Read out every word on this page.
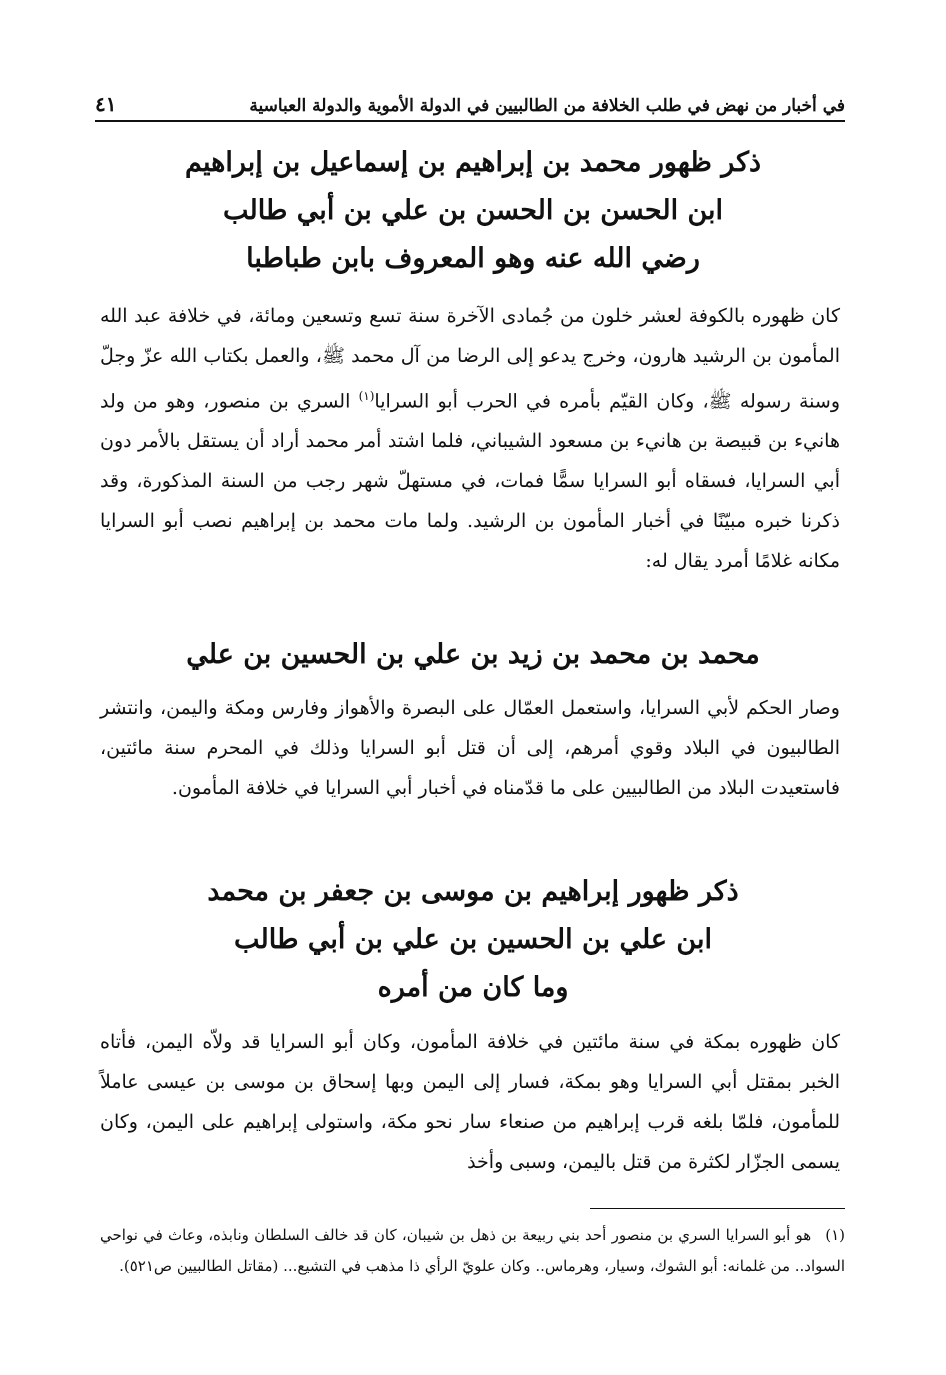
في أخبار من نهض في طلب الخلافة من الطالبيين في الدولة الأموية والدولة العباسية
٤١
ذكر ظهور محمد بن إبراهيم بن إسماعيل بن إبراهيم
ابن الحسن بن الحسن بن علي بن أبي طالب
رضي الله عنه وهو المعروف بابن طباطبا

كان ظهوره بالكوفة لعشر خلون من جُمادى الآخرة سنة تسع وتسعين ومائة، في خلافة عبد الله المأمون بن الرشيد هارون، وخرج يدعو إلى الرضا من آل محمد ﷺ، والعمل بكتاب الله عزّ وجلّ وسنة رسوله ﷺ، وكان القيّم بأمره في الحرب أبو السرايا$^{(١)}$ السري بن منصور، وهو من ولد هانيء بن قبيصة بن هانيء بن مسعود الشيباني، فلما اشتد أمر محمد أراد أن يستقل بالأمر دون أبي السرايا، فسقاه أبو السرايا سمًّا فمات، في مستهلّ شهر رجب من السنة المذكورة، وقد ذكرنا خبره مبيّنًا في أخبار المأمون بن الرشيد. ولما مات محمد بن إبراهيم نصب أبو السرايا مكانه غلامًا أمرد يقال له:

محمد بن محمد بن زيد بن علي بن الحسين بن علي

وصار الحكم لأبي السرايا، واستعمل العمّال على البصرة والأهواز وفارس ومكة واليمن، وانتشر الطالبيون في البلاد وقوي أمرهم، إلى أن قتل أبو السرايا وذلك في المحرم سنة مائتين، فاستعيدت البلاد من الطالبيين على ما قدّمناه في أخبار أبي السرايا في خلافة المأمون.

ذكر ظهور إبراهيم بن موسى بن جعفر بن محمد
ابن علي بن الحسين بن علي بن أبي طالب
وما كان من أمره

كان ظهوره بمكة في سنة مائتين في خلافة المأمون، وكان أبو السرايا قد ولاّه اليمن، فأتاه الخبر بمقتل أبي السرايا وهو بمكة، فسار إلى اليمن وبها إسحاق بن موسى بن عيسى عاملاً للمأمون، فلمّا بلغه قرب إبراهيم من صنعاء سار نحو مكة، واستولى إبراهيم على اليمن، وكان يسمى الجزّار لكثرة من قتل باليمن، وسبى وأخذ

(١)هو أبو السرايا السري بن منصور أحد بني ربيعة بن ذهل بن شيبان، كان قد خالف السلطان ونابذه، وعاث في نواحي السواد.. من غلمانه: أبو الشوك، وسيار، وهرماس.. وكان علويّ الرأي ذا مذهب في التشيع... (مقاتل الطالبيين ص٥٢١).
